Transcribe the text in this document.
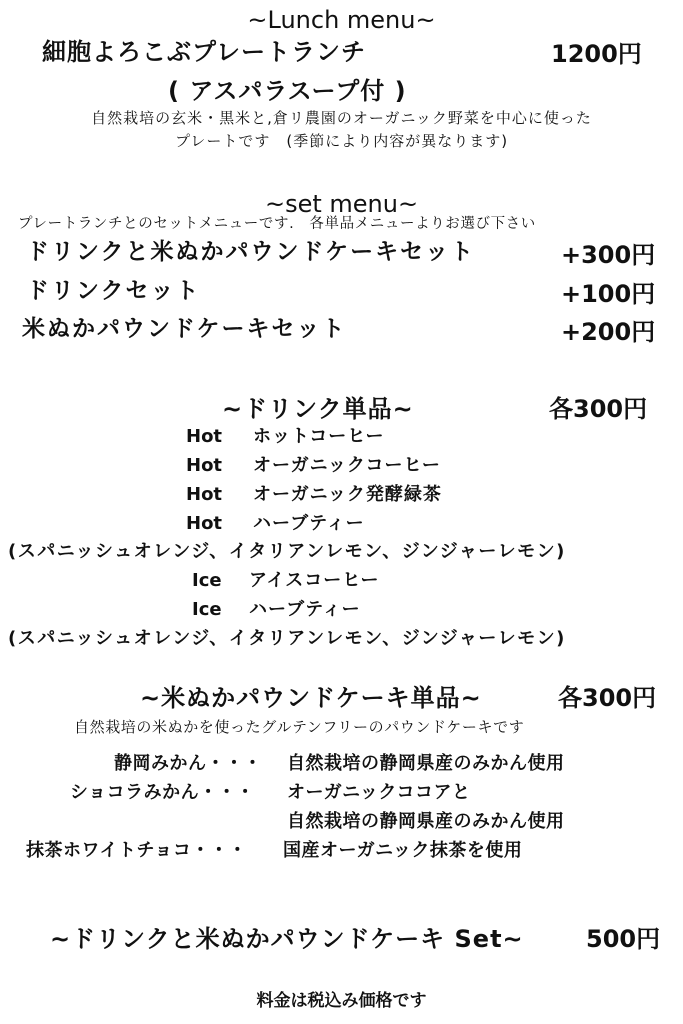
~Lunch menu~
細胞よろこぶプレートランチ	1200円
( アスパラスープ付 )
自然栽培の玄米・黒米と,倉リ農園のオーガニック野菜を中心に使った
プレートです　(季節により内容が異なります)
~set menu~
プレートランチとのセットメニューです.　各単品メニューよりお選び下さい
ドリンクと米ぬかパウンドケーキセット	+300円
ドリンクセット	+100円
米ぬかパウンドケーキセット	+200円
~ドリンク単品~	各300円
Hot ホットコーヒー
Hot オーガニックコーヒー
Hot オーガニック発酵緑茶
Hot ハーブティー
(スパニッシュオレンジ、イタリアンレモン、ジンジャーレモン)
Ice アイスコーヒー
Ice ハーブティー
(スパニッシュオレンジ、イタリアンレモン、ジンジャーレモン)
~米ぬかパウンドケーキ単品~	各300円
自然栽培の米ぬかを使ったグルテンフリーのパウンドケーキです
静岡みかん・・・ 自然栽培の静岡県産のみかん使用
ショコラみかん・・・ オーガニックココアと
自然栽培の静岡県産のみかん使用
抹茶ホワイトチョコ・・・ 国産オーガニック抹茶を使用
~ドリンクと米ぬかパウンドケーキ Set~	500円
料金は税込み価格です
